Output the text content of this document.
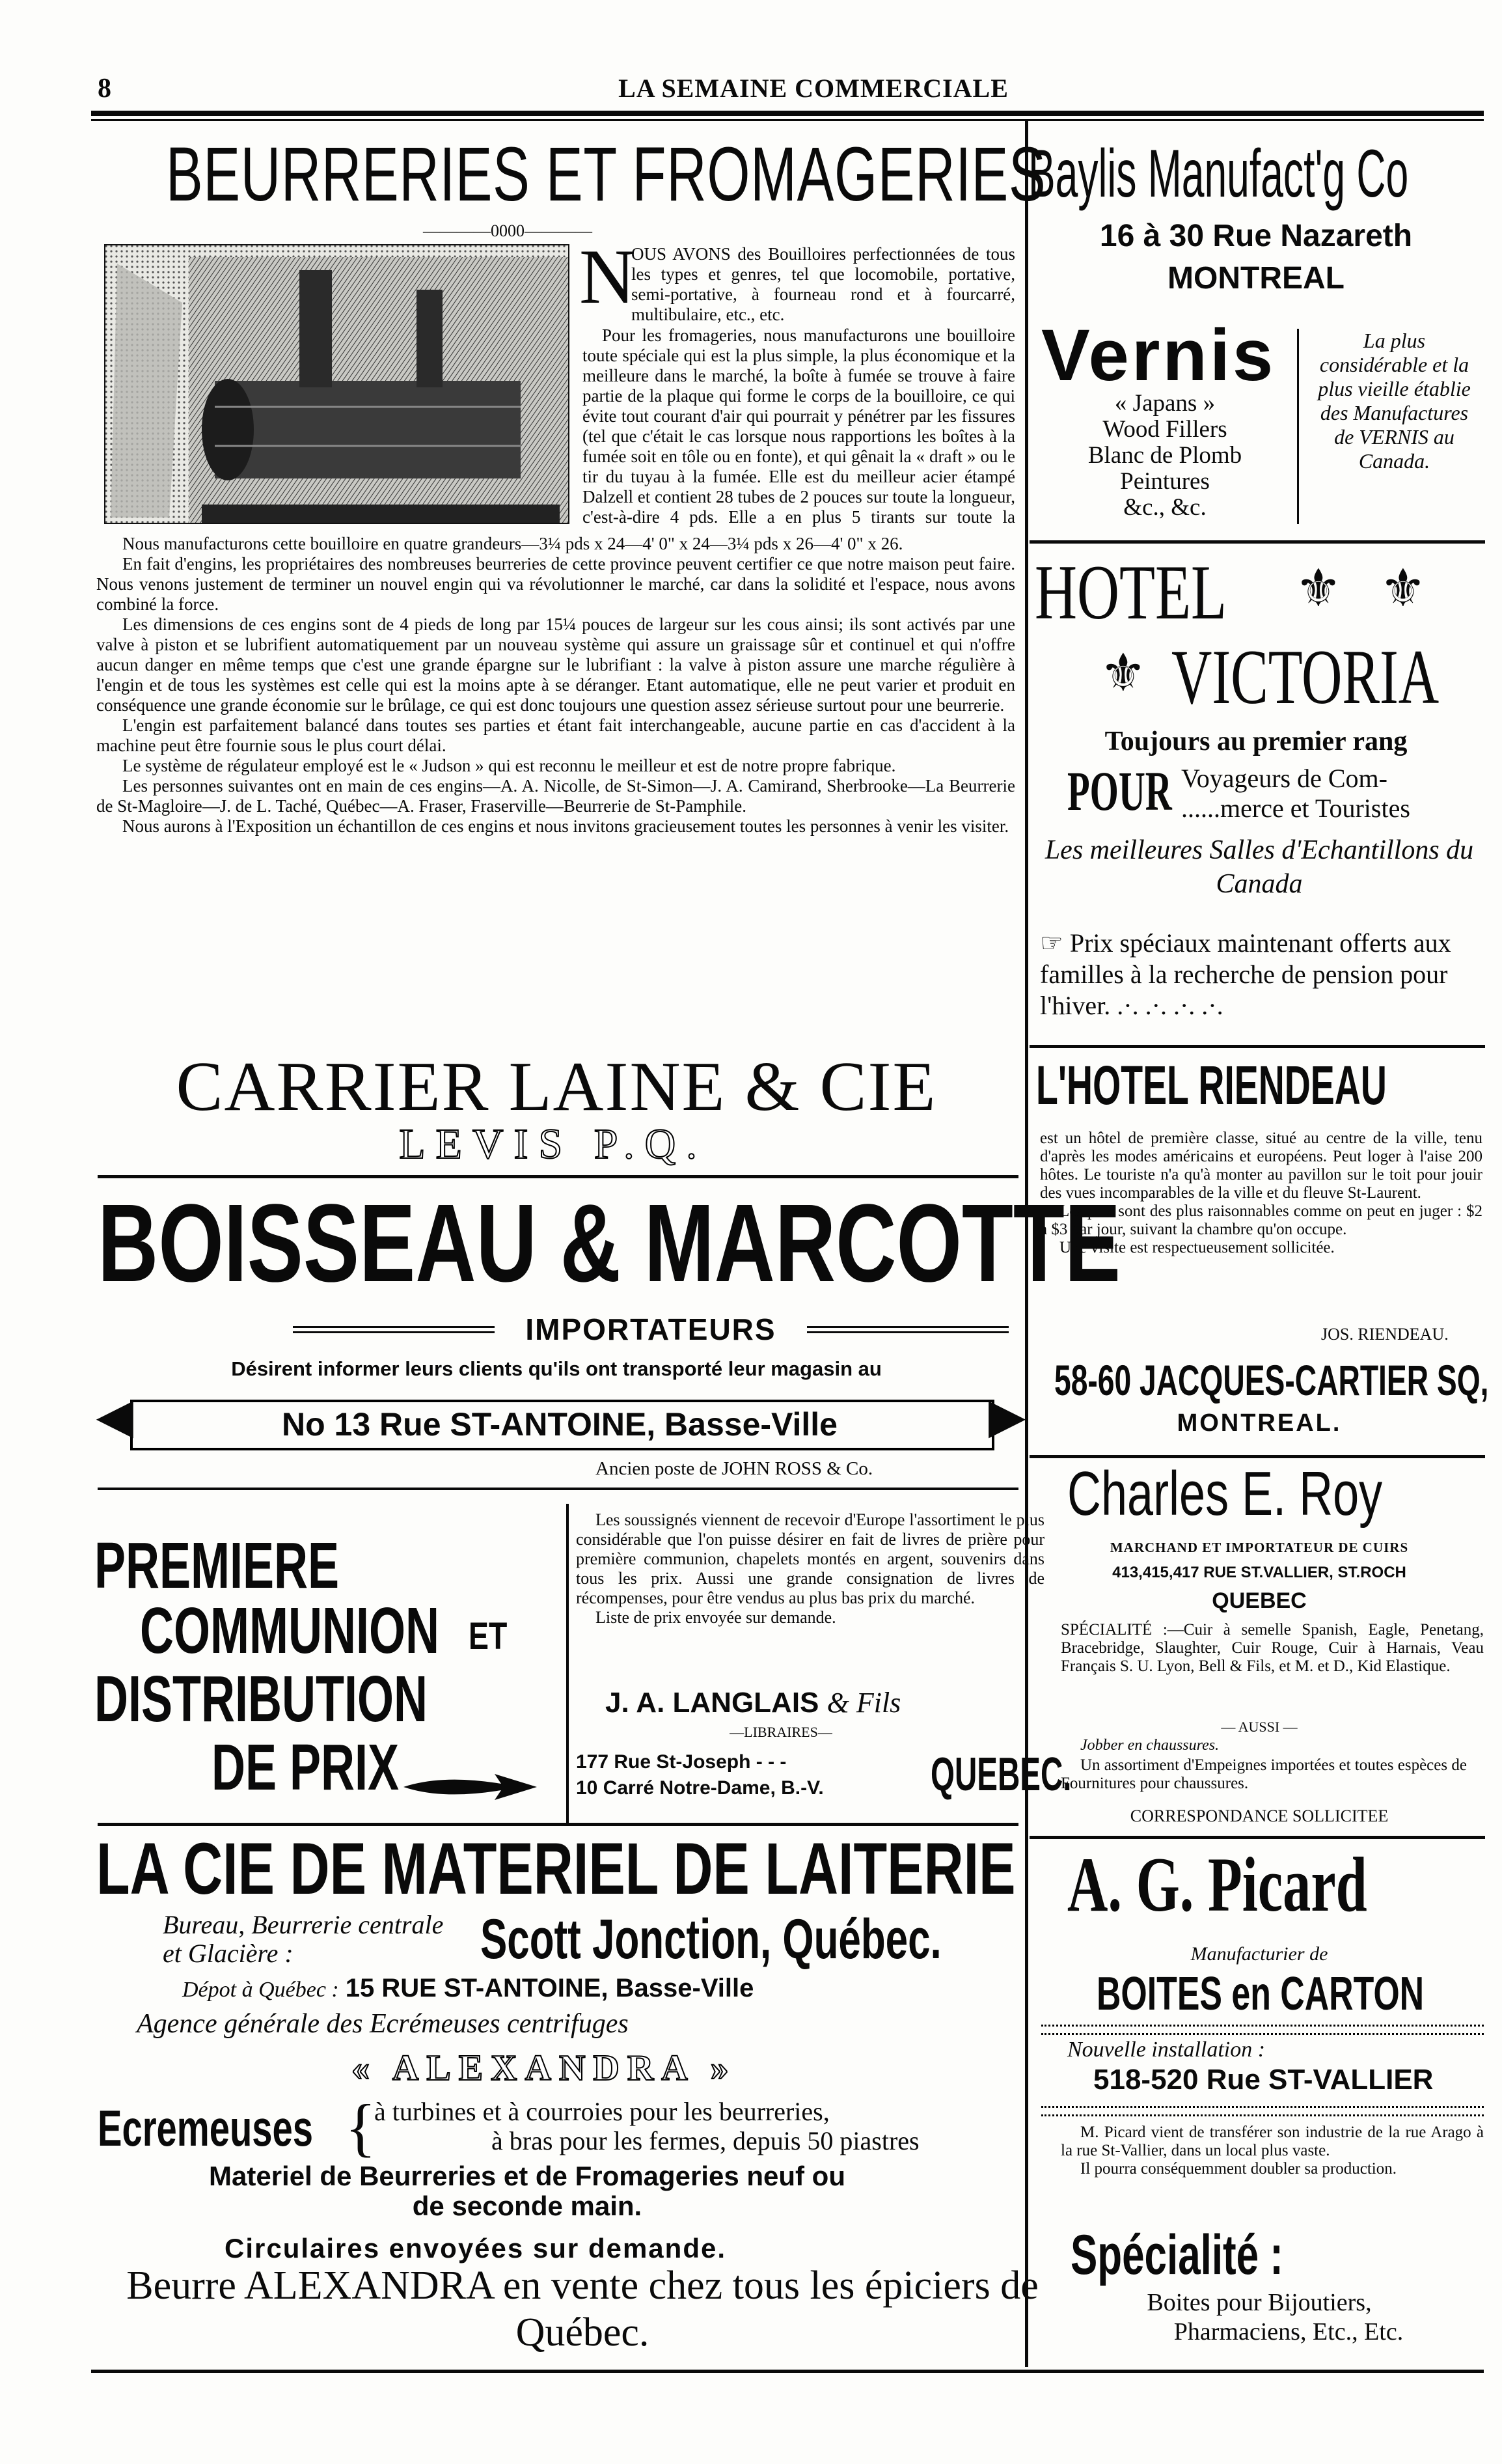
8	LA SEMAINE COMMERCIALE
BEURRERIES ET FROMAGERIES
————0000————
N

OUS AVONS des Bouilloires perfectionnées de tous les types et genres, tel que locomobile, portative, semi-portative, à fourneau rond et à fourcarré, multibulaire, etc., etc.

Pour les fromageries, nous manufacturons une bouilloire toute spéciale qui est la plus simple, la plus économique et la meilleure dans le marché, la boîte à fumée se trouve à faire partie de la plaque qui forme le corps de la bouilloire, ce qui évite tout courant d'air qui pourrait y pénétrer par les fissures (tel que c'était le cas lorsque nous rapportions les boîtes à la fumée soit en tôle ou en fonte), et qui gênait la « draft » ou le tir du tuyau à la fumée. Elle est du meilleur acier étampé Dalzell et contient 28 tubes de 2 pouces sur toute la longueur, c'est-à-dire 4 pds. Elle a en plus 5 tirants sur toute la

Nous manufacturons cette bouilloire en quatre grandeurs—3¼ pds x 24—4' 0" x 24—3¼ pds x 26—4' 0" x 26.

En fait d'engins, les propriétaires des nombreuses beurreries de cette province peuvent certifier ce que notre maison peut faire. Nous venons justement de terminer un nouvel engin qui va révolutionner le marché, car dans la solidité et l'espace, nous avons combiné la force.

Les dimensions de ces engins sont de 4 pieds de long par 15¼ pouces de largeur sur les cous ainsi; ils sont activés par une valve à piston et se lubrifient automatiquement par un nouveau système qui assure un graissage sûr et continuel et qui n'offre aucun danger en même temps que c'est une grande épargne sur le lubrifiant : la valve à piston assure une marche régulière à l'engin et de tous les systèmes est celle qui est la moins apte à se déranger. Etant automatique, elle ne peut varier et produit en conséquence une grande économie sur le brûlage, ce qui est donc toujours une question assez sérieuse surtout pour une beurrerie.

L'engin est parfaitement balancé dans toutes ses parties et étant fait interchangeable, aucune partie en cas d'accident à la machine peut être fournie sous le plus court délai.

Le système de régulateur employé est le « Judson » qui est reconnu le meilleur et est de notre propre fabrique.

Les personnes suivantes ont en main de ces engins—A. A. Nicolle, de St-Simon—J. A. Camirand, Sherbrooke—La Beurrerie de St-Magloire—J. de L. Taché, Québec—A. Fraser, Fraserville—Beurrerie de St-Pamphile.

Nous aurons à l'Exposition un échantillon de ces engins et nous invitons gracieusement toutes les personnes à venir les visiter.

CARRIER LAINE & CIE
LEVIS P.Q.
BOISSEAU & MARCOTTE
IMPORTATEURS
Désirent informer leurs clients qu'ils ont transporté leur magasin au
◀	▶
No 13 Rue ST-ANTOINE, Basse-Ville
Ancien poste de JOHN ROSS & Co.
PREMIERE
COMMUNION ET
DISTRIBUTION
DE PRIX

Les soussignés viennent de recevoir d'Europe l'assortiment le plus considérable que l'on puisse désirer en fait de livres de prière pour première communion, chapelets montés en argent, souvenirs dans tous les prix. Aussi une grande consignation de livres de récompenses, pour être vendus au plus bas prix du marché.

Liste de prix envoyée sur demande.

J. A. LANGLAIS & Fils
—LIBRAIRES—
177 Rue St-Joseph - - -
10 Carré Notre-Dame, B.-V. QUEBEC.
LA CIE DE MATERIEL DE LAITERIE
Bureau, Beurrerie centrale et Glacière :	Scott Jonction, Québec.
Dépot à Québec : 15 RUE ST-ANTOINE, Basse-Ville
Agence générale des Ecrémeuses centrifuges
« ALEXANDRA »
Ecremeuses {
à turbines et à courroies pour les beurreries,
à bras pour les fermes, depuis 50 piastres
Materiel de Beurreries et de Fromageries neuf ou de seconde main.
Circulaires envoyées sur demande.
Beurre ALEXANDRA en vente chez tous les épiciers de Québec.
Baylis Manufact'g Co
16 à 30 Rue Nazareth
MONTREAL
Vernis
« Japans »
Wood Fillers
Blanc de Plomb
Peintures
&c., &c.
La plus considérable et la plus vieille établie des Manufactures de VERNIS au Canada.
HOTEL ⚜ ⚜
⚜ VICTORIA
Toujours au premier rang
POUR Voyageurs de Com-
......merce et Touristes
Les meilleures Salles d'Echantillons du Canada
☞ Prix spéciaux maintenant offerts aux familles à la recherche de pension pour l'hiver. .·. .·. .·. .·.
L'HOTEL RIENDEAU

est un hôtel de première classe, situé au centre de la ville, tenu d'après les modes américains et européens. Peut loger à l'aise 200 hôtes. Le touriste n'a qu'à monter au pavillon sur le toit pour jouir des vues incomparables de la ville et du fleuve St-Laurent.

Les prix sont des plus raisonnables comme on peut en juger : $2 à $3 par jour, suivant la chambre qu'on occupe.

Une visite est respectueusement sollicitée.

JOS. RIENDEAU.
58-60 JACQUES-CARTIER SQ,
MONTREAL.
Charles E. Roy
MARCHAND ET IMPORTATEUR DE CUIRS
413,415,417 RUE ST.VALLIER, ST.ROCH
QUEBEC
SPÉCIALITÉ :—Cuir à semelle Spanish, Eagle, Penetang, Bracebridge, Slaughter, Cuir Rouge, Cuir à Harnais, Veau Français S. U. Lyon, Bell & Fils, et M. et D., Kid Elastique.
— AUSSI —
Jobber en chaussures.
Un assortiment d'Empeignes importées et toutes espèces de Fournitures pour chaussures.
CORRESPONDANCE SOLLICITEE
A. G. Picard
Manufacturier de
BOITES en CARTON
Nouvelle installation :
518-520 Rue ST-VALLIER

M. Picard vient de transférer son industrie de la rue Arago à la rue St-Vallier, dans un local plus vaste.

Il pourra conséquemment doubler sa production.

Spécialité :
Boites pour Bijoutiers,
Pharmaciens, Etc., Etc.
